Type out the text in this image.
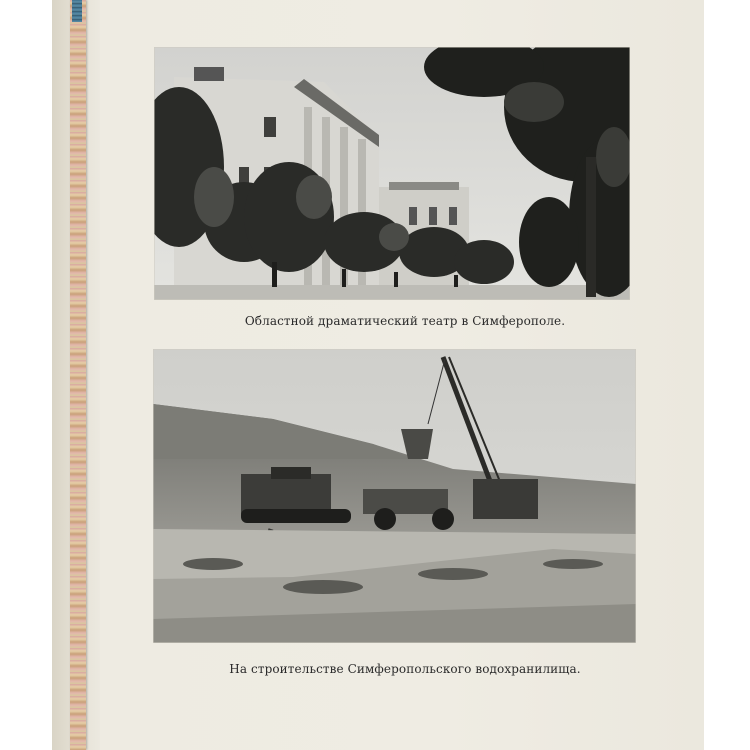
Областной драматический театр в Симферополе.
На строительстве Симферопольского водохранилища.
